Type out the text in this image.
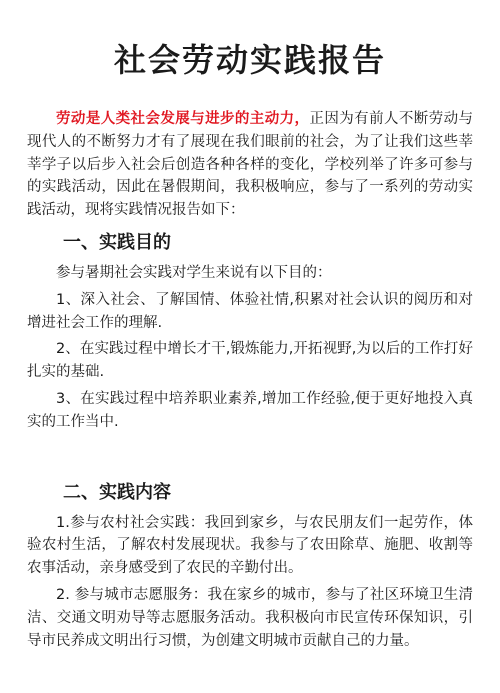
社会劳动实践报告

劳动是人类社会发展与进步的主动力，正因为有前人不断劳动与现代人的不断努力才有了展现在我们眼前的社会，为了让我们这些莘莘学子以后步入社会后创造各种各样的变化，学校列举了许多可参与的实践活动，因此在暑假期间，我积极响应，参与了一系列的劳动实践活动，现将实践情况报告如下：

一、实践目的

参与暑期社会实践对学生来说有以下目的：

1、深入社会、了解国情、体验社情,积累对社会认识的阅历和对增进社会工作的理解.

2、在实践过程中增长才干,锻炼能力,开拓视野,为以后的工作打好扎实的基础.

3、在实践过程中培养职业素养,增加工作经验,便于更好地投入真实的工作当中.

二、实践内容

1.参与农村社会实践：我回到家乡，与农民朋友们一起劳作，体验农村生活，了解农村发展现状。我参与了农田除草、施肥、收割等农事活动，亲身感受到了农民的辛勤付出。

2. 参与城市志愿服务：我在家乡的城市，参与了社区环境卫生清洁、交通文明劝导等志愿服务活动。我积极向市民宣传环保知识，引导市民养成文明出行习惯，为创建文明城市贡献自己的力量。
